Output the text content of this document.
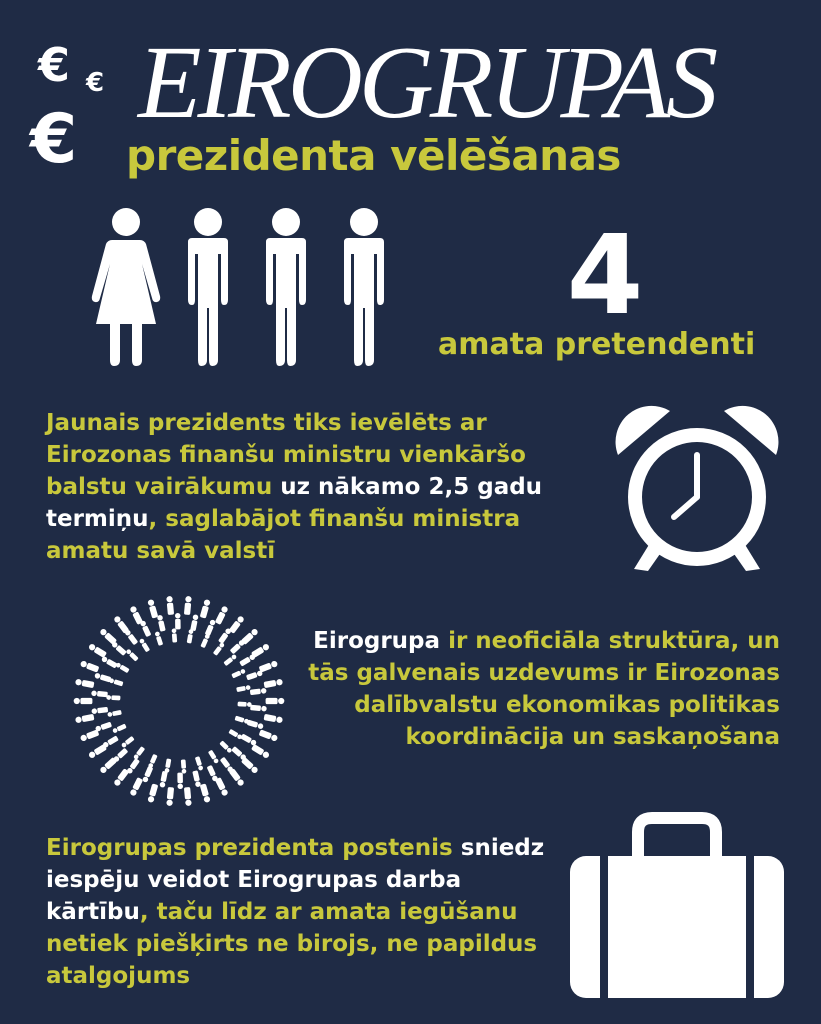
€ €
€ EIROGRUPAS
prezidenta vēlēšanas
4
amata pretendenti
Jaunais prezidents tiks ievēlēts ar Eirozonas finanšu ministru vienkāršo balstu vairākumu uz nākamo 2,5 gadu termiņu, saglabājot finanšu ministra amatu savā valstī
Eirogrupa ir neoficiāla struktūra, un tās galvenais uzdevums ir Eirozonas dalībvalstu ekonomikas politikas koordinācija un saskaņošana
Eirogrupas prezidenta postenis sniedz iespēju veidot Eirogrupas darba kārtību, taču līdz ar amata iegūšanu netiek piešķirts ne birojs, ne papildus atalgojums
